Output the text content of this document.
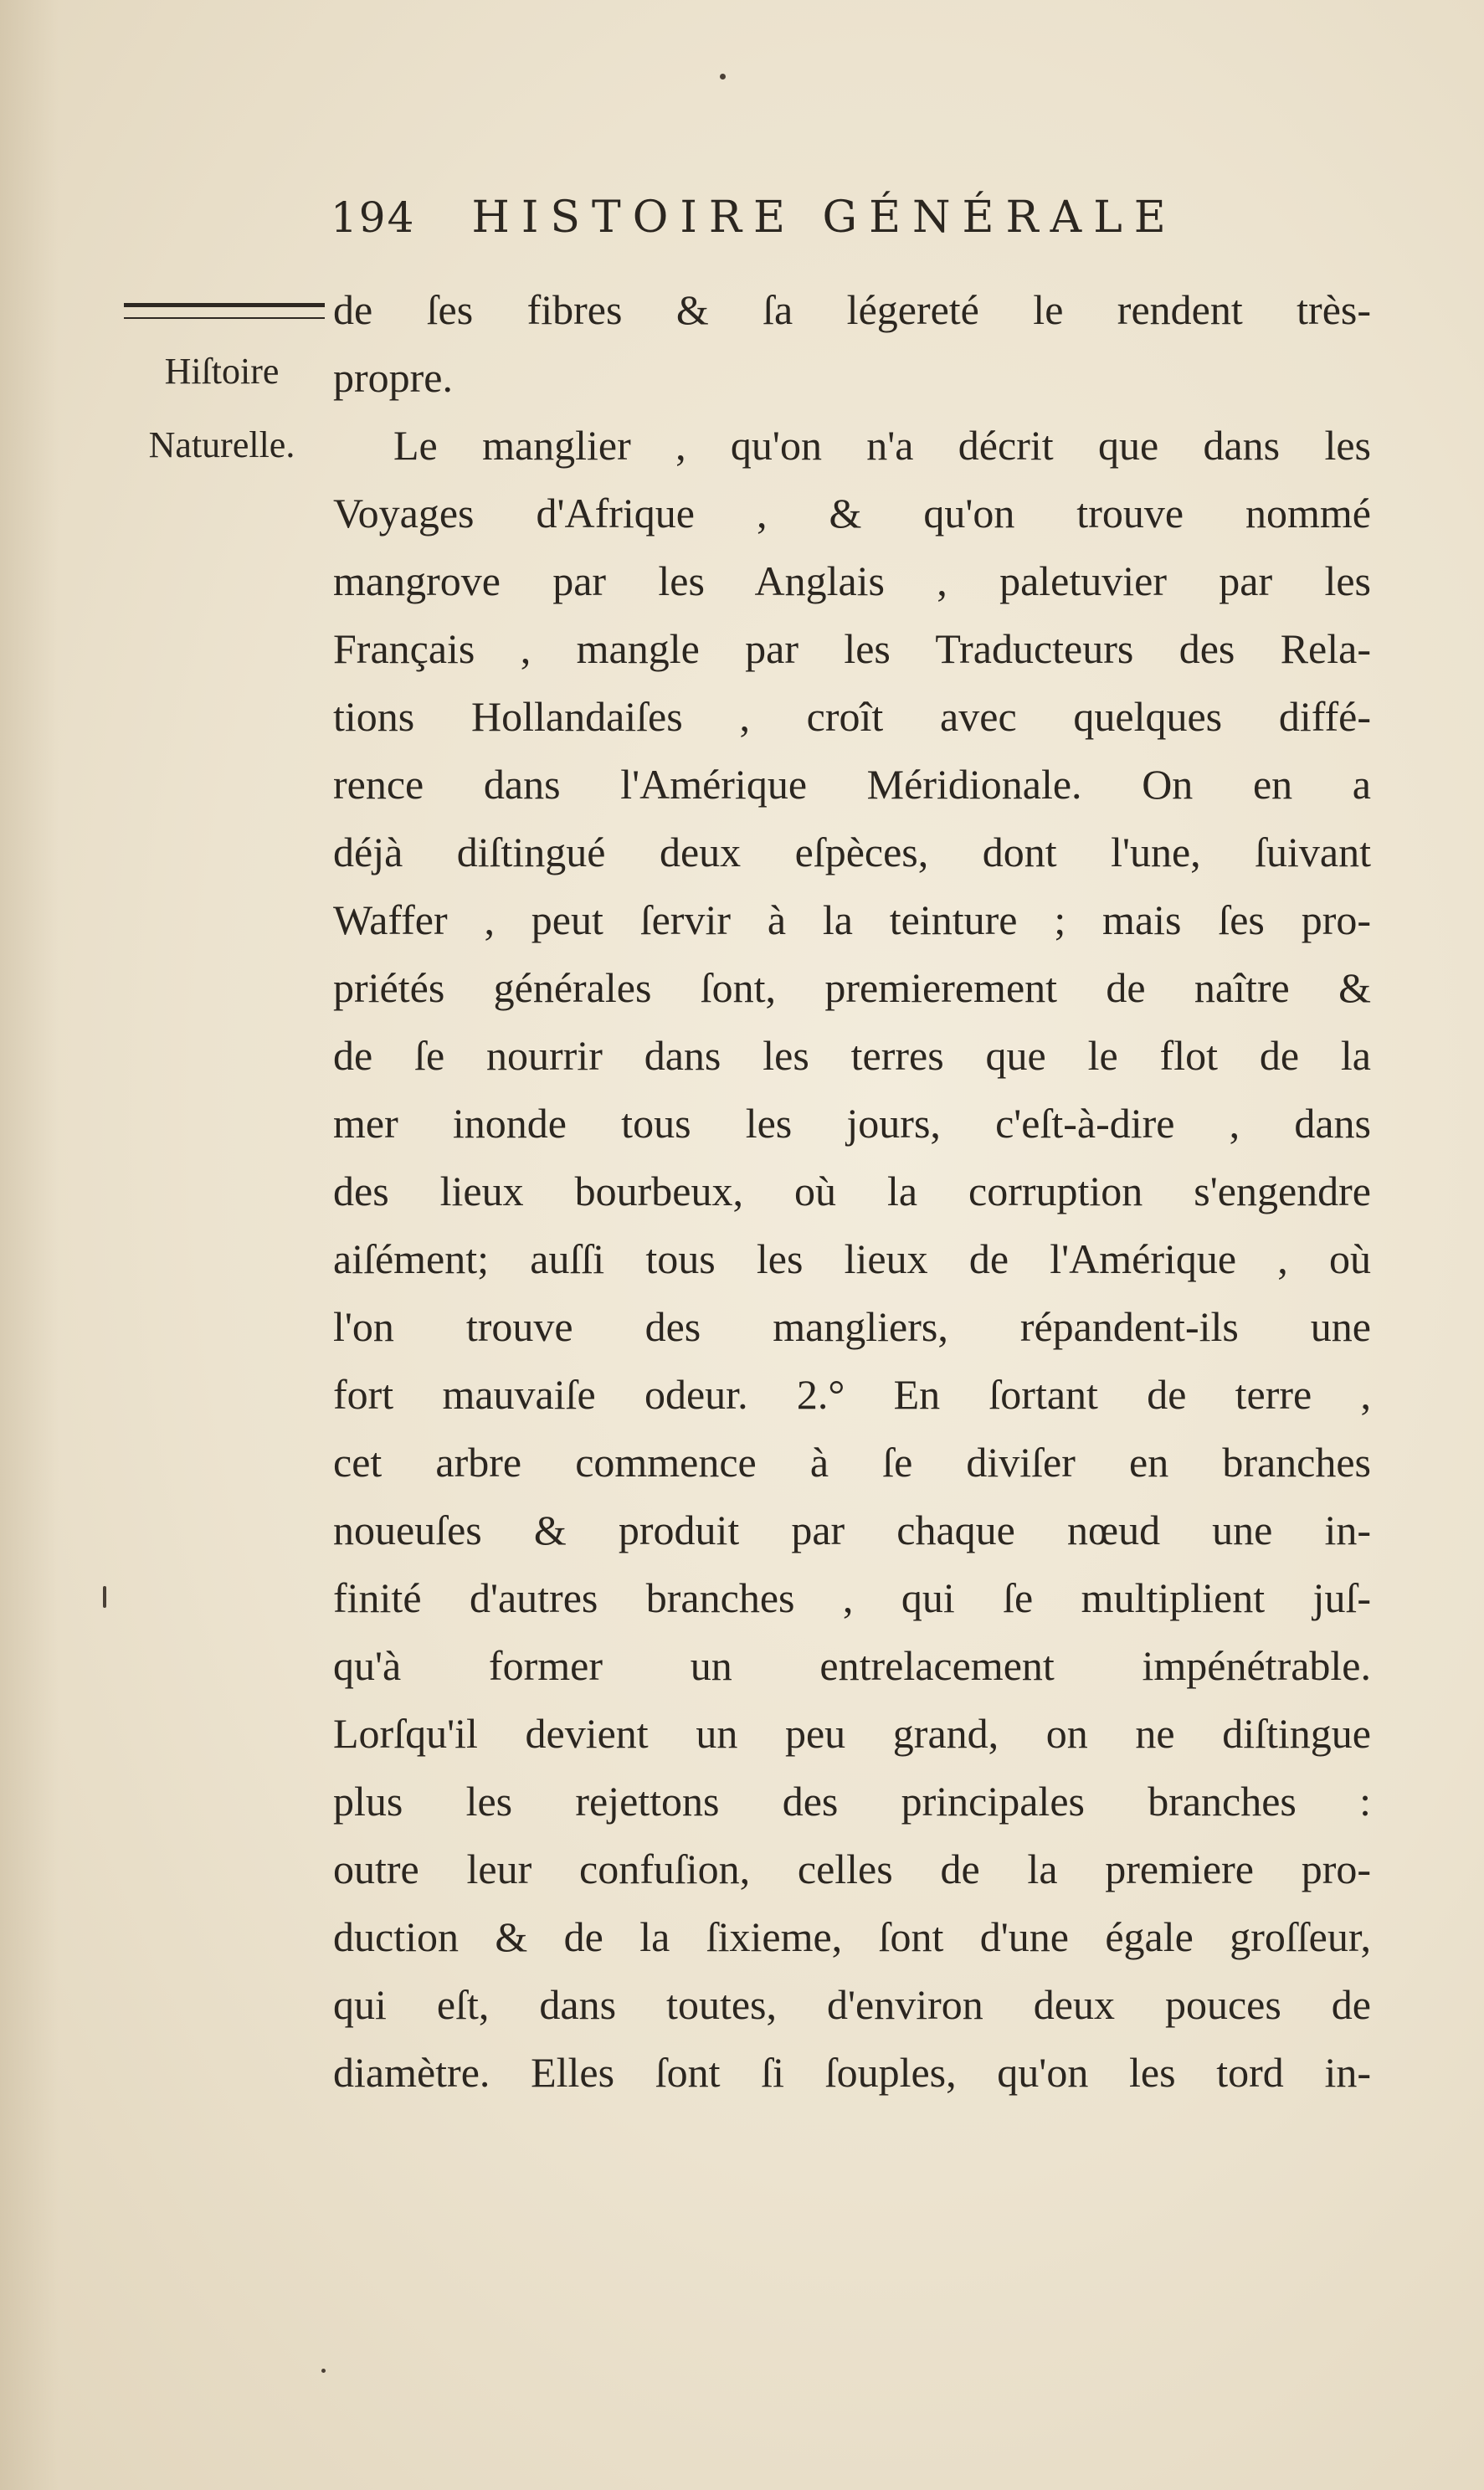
194 HISTOIRE GÉNÉRALE
Hiſtoire
Naturelle.
de ſes fibres & ſa légereté le rendent très-
propre.
Le manglier , qu'on n'a décrit que dans les
Voyages d'Afrique , & qu'on trouve nommé
mangrove par les Anglais , paletuvier par les
Français , mangle par les Traducteurs des Rela-
tions Hollandaiſes , croît avec quelques diffé-
rence dans l'Amérique Méridionale. On en a
déjà diſtingué deux eſpèces, dont l'une, ſuivant
Waffer , peut ſervir à la teinture ; mais ſes pro-
priétés générales ſont, premierement de naître &
de ſe nourrir dans les terres que le flot de la
mer inonde tous les jours, c'eſt-à-dire , dans
des lieux bourbeux, où la corruption s'engendre
aiſément; auſſi tous les lieux de l'Amérique , où
l'on trouve des mangliers, répandent-ils une
fort mauvaiſe odeur. 2.° En ſortant de terre ,
cet arbre commence à ſe diviſer en branches
noueuſes & produit par chaque nœud une in-
finité d'autres branches , qui ſe multiplient juſ-
qu'à former un entrelacement impénétrable.
Lorſqu'il devient un peu grand, on ne diſtingue
plus les rejettons des principales branches :
outre leur confuſion, celles de la premiere pro-
duction & de la ſixieme, ſont d'une égale groſſeur,
qui eſt, dans toutes, d'environ deux pouces de
diamètre. Elles ſont ſi ſouples, qu'on les tord in-
